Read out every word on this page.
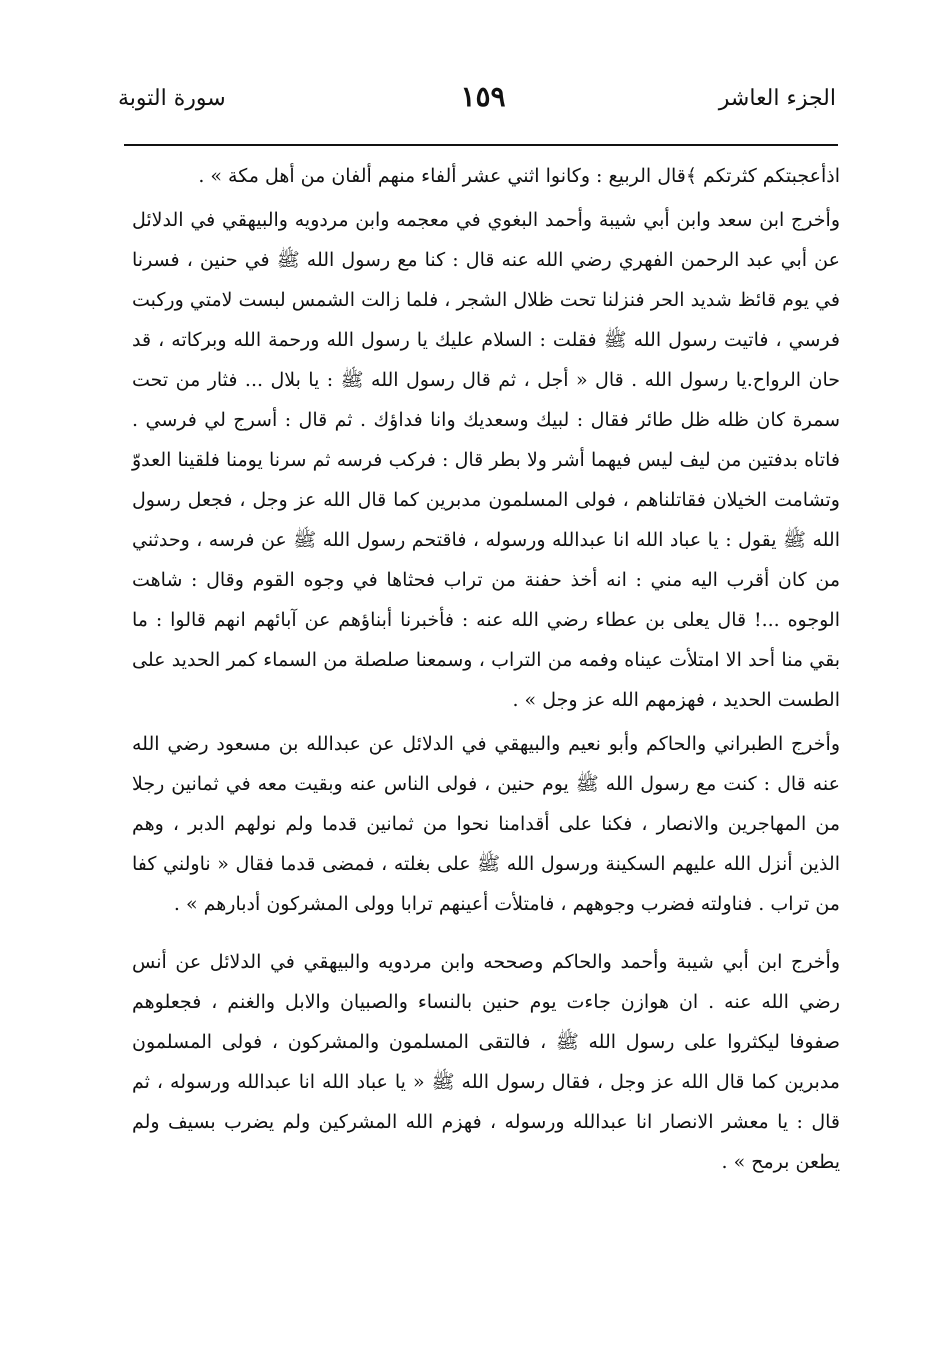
الجزء العاشر
١٥٩
سورة التوبة

اذأعجبتكم كثرتكم ﴾قال الربيع : وكانوا اثني عشر ألفاء منهم ألفان من أهل مكة » .

وأخرج ابن سعد وابن أبي شيبة وأحمد البغوي في معجمه وابن مردويه والبيهقي في الدلائل عن أبي عبد الرحمن الفهري رضي الله عنه قال : كنا مع رسول الله ﷺ في حنين ، فسرنا في يوم قائظ شديد الحر فنزلنا تحت ظلال الشجر ، فلما زالت الشمس لبست لامتي وركبت فرسي ، فاتيت رسول الله ﷺ فقلت : السلام عليك يا رسول الله ورحمة الله وبركاته ، قد حان الرواح.يا رسول الله . قال « أجل ، ثم قال رسول الله ﷺ : يا بلال ... فثار من تحت سمرة كان ظله ظل طائر فقال : لبيك وسعديك وانا فداؤك . ثم قال : أسرج لي فرسي . فاتاه بدفتين من ليف ليس فيهما أشر ولا بطر قال : فركب فرسه ثم سرنا يومنا فلقينا العدوّ وتشامت الخيلان فقاتلناهم ، فولى المسلمون مدبرين كما قال الله عز وجل ، فجعل رسول الله ﷺ يقول : يا عباد الله انا عبدالله ورسوله ، فاقتحم رسول الله ﷺ عن فرسه ، وحدثني من كان أقرب اليه مني : انه أخذ حفنة من تراب فحثاها في وجوه القوم وقال : شاهت الوجوه ...! قال يعلى بن عطاء رضي الله عنه : فأخبرنا أبناؤهم عن آبائهم انهم قالوا : ما بقي منا أحد الا امتلأت عيناه وفمه من التراب ، وسمعنا صلصلة من السماء كمر الحديد على الطست الحديد ، فهزمهم الله عز وجل » .

وأخرج الطبراني والحاكم وأبو نعيم والبيهقي في الدلائل عن عبدالله بن مسعود رضي الله عنه قال : كنت مع رسول الله ﷺ يوم حنين ، فولى الناس عنه وبقيت معه في ثمانين رجلا من المهاجرين والانصار ، فكنا على أقدامنا نحوا من ثمانين قدما ولم نولهم الدبر ، وهم الذين أنزل الله عليهم السكينة ورسول الله ﷺ على بغلته ، فمضى قدما فقال « ناولني كفا من تراب . فناولته فضرب وجوههم ، فامتلأت أعينهم ترابا وولى المشركون أدبارهم » .

وأخرج ابن أبي شيبة وأحمد والحاكم وصححه وابن مردويه والبيهقي في الدلائل عن أنس رضي الله عنه . ان هوازن جاءت يوم حنين بالنساء والصبيان والابل والغنم ، فجعلوهم صفوفا ليكثروا على رسول الله ﷺ ، فالتقى المسلمون والمشركون ، فولى المسلمون مدبرين كما قال الله عز وجل ، فقال رسول الله ﷺ « يا عباد الله انا عبدالله ورسوله ، ثم قال : يا معشر الانصار انا عبدالله ورسوله ، فهزم الله المشركين ولم يضرب بسيف ولم يطعن برمح » .
